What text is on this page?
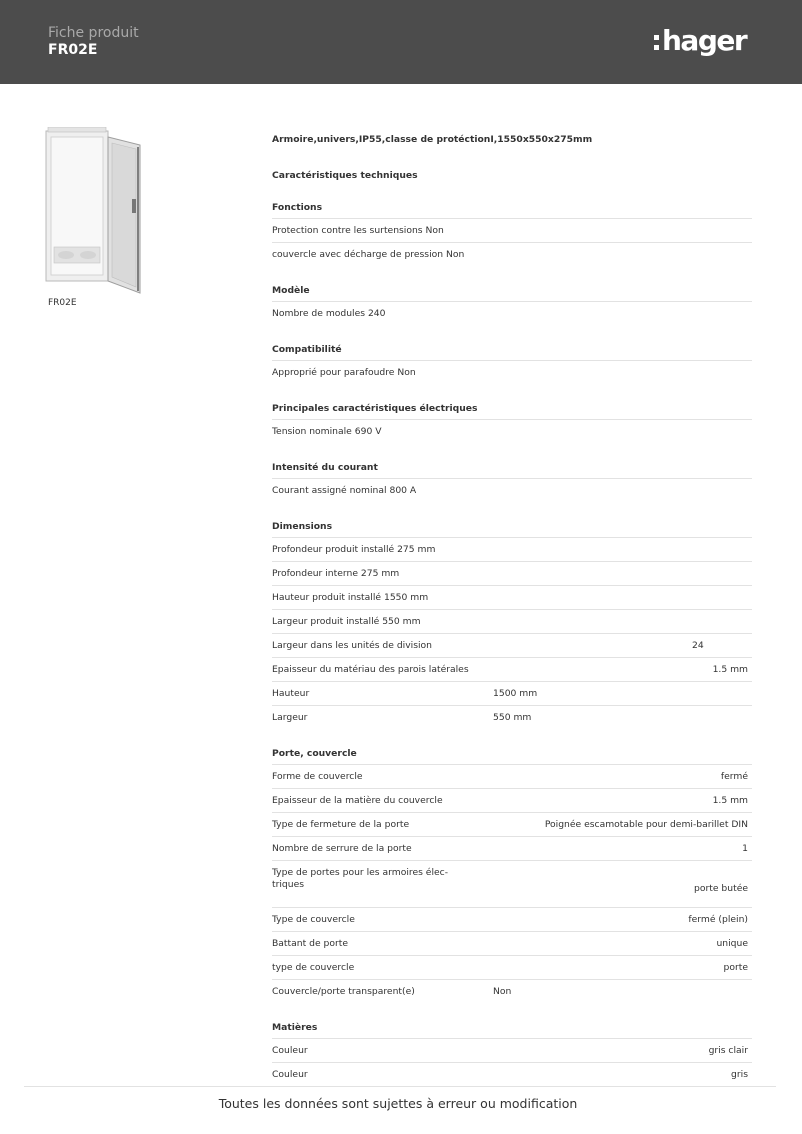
Fiche produit
FR02E	hager
FR02E
Armoire,univers,IP55,classe de protéctionI,1550x550x275mm
Caractéristiques techniques
Fonctions
Protection contre les surtensions Non
couvercle avec décharge de pression Non
Modèle
Nombre de modules 240
Compatibilité
Approprié pour parafoudre Non
Principales caractéristiques électriques
Tension nominale 690 V
Intensité du courant
Courant assigné nominal 800 A
Dimensions
Profondeur produit installé 275 mm
Profondeur interne 275 mm
Hauteur produit installé 1550 mm
Largeur produit installé 550 mm
Largeur dans les unités de division	24
Epaisseur du matériau des parois latérales	1.5 mm
Hauteur	1500 mm
Largeur	550 mm
Porte, couvercle
Forme de couvercle	fermé
Epaisseur de la matière du couvercle	1.5 mm
Type de fermeture de la porte	Poignée escamotable pour demi-barillet DIN
Nombre de serrure de la porte	1
Type de portes pour les armoires élec-
triques	porte butée
Type de couvercle	fermé (plein)
Battant de porte	unique
type de couvercle	porte
Couvercle/porte transparent(e)	Non
Matières
Couleur	gris clair
Couleur	gris
Toutes les données sont sujettes à erreur ou modification
